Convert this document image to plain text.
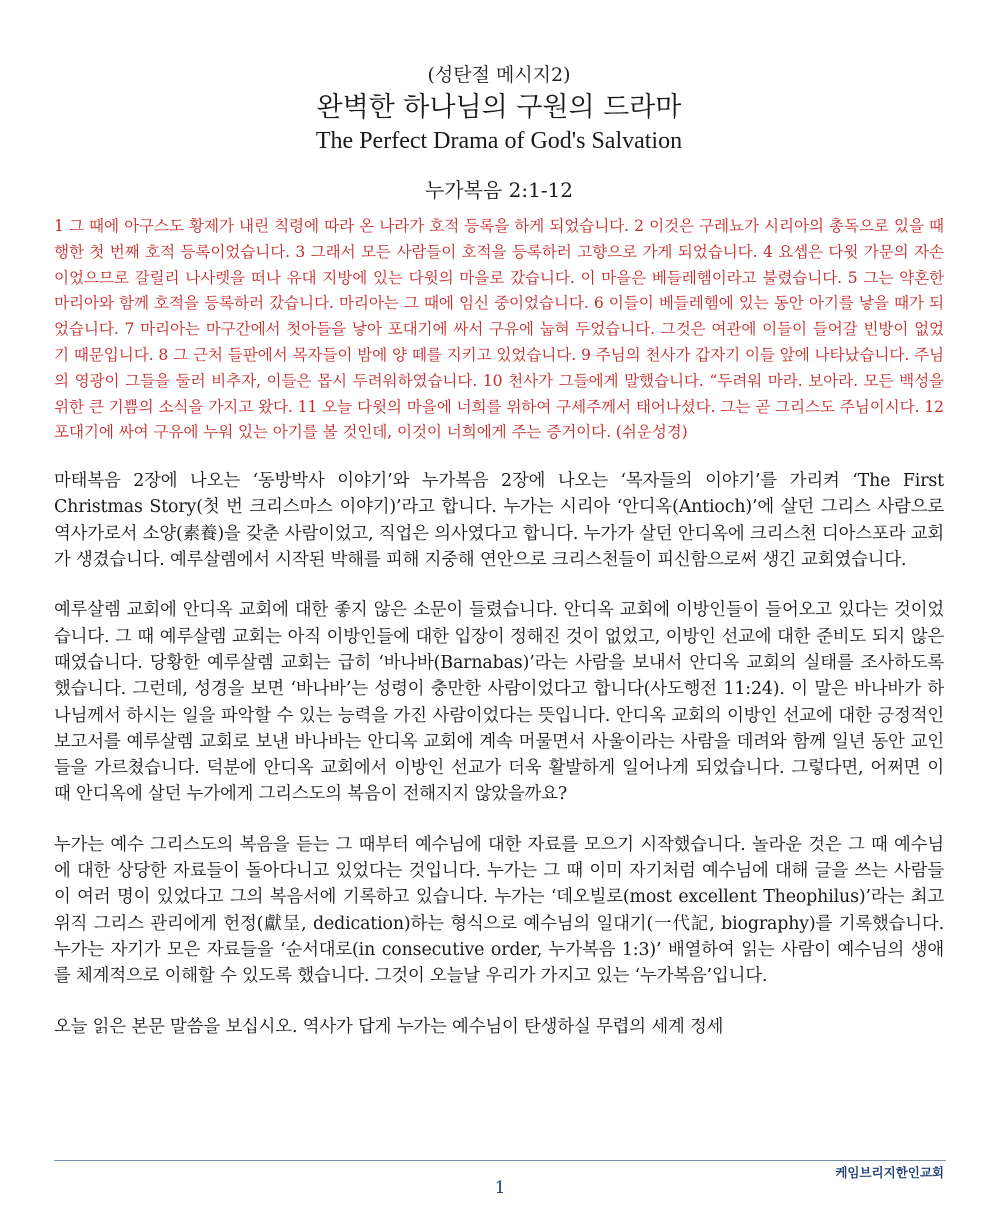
(성탄절 메시지2)
완벽한 하나님의 구원의 드라마
The Perfect Drama of God's Salvation
누가복음 2:1-12
1 그 때에 아구스도 황제가 내린 칙령에 따라 온 나라가 호적 등록을 하게 되었습니다. 2 이것은 구레뇨가 시리아의 총독으로 있을 때 행한 첫 번째 호적 등록이었습니다. 3 그래서 모든 사람들이 호적을 등록하러 고향으로 가게 되었습니다. 4 요셉은 다윗 가문의 자손이었으므로 갈릴리 나사렛을 떠나 유대 지방에 있는 다윗의 마을로 갔습니다. 이 마을은 베들레헴이라고 불렸습니다. 5 그는 약혼한 마리아와 함께 호적을 등록하러 갔습니다. 마리아는 그 때에 임신 중이었습니다. 6 이들이 베들레헴에 있는 동안 아기를 낳을 때가 되었습니다. 7 마리아는 마구간에서 첫아들을 낳아 포대기에 싸서 구유에 눕혀 두었습니다. 그것은 여관에 이들이 들어갈 빈방이 없었기 때문입니다. 8 그 근처 들판에서 목자들이 밤에 양 떼를 지키고 있었습니다. 9 주님의 천사가 갑자기 이들 앞에 나타났습니다. 주님의 영광이 그들을 둘러 비추자, 이들은 몹시 두려워하였습니다. 10 천사가 그들에게 말했습니다. “두려워 마라. 보아라. 모든 백성을 위한 큰 기쁨의 소식을 가지고 왔다. 11 오늘 다윗의 마을에 너희를 위하여 구세주께서 태어나셨다. 그는 곧 그리스도 주님이시다. 12 포대기에 싸여 구유에 누워 있는 아기를 볼 것인데, 이것이 너희에게 주는 증거이다. (쉬운성경)
마태복음 2장에 나오는 ‘동방박사 이야기’와 누가복음 2장에 나오는 ‘목자들의 이야기’를 가리켜 ‘The First Christmas Story(첫 번 크리스마스 이야기)’라고 합니다. 누가는 시리아 ‘안디옥(Antioch)’에 살던 그리스 사람으로 역사가로서 소양(素養)을 갖춘 사람이었고, 직업은 의사였다고 합니다. 누가가 살던 안디옥에 크리스천 디아스포라 교회가 생겼습니다. 예루살렘에서 시작된 박해를 피해 지중해 연안으로 크리스천들이 피신함으로써 생긴 교회였습니다.
예루살렘 교회에 안디옥 교회에 대한 좋지 않은 소문이 들렸습니다. 안디옥 교회에 이방인들이 들어오고 있다는 것이었습니다. 그 때 예루살렘 교회는 아직 이방인들에 대한 입장이 정해진 것이 없었고, 이방인 선교에 대한 준비도 되지 않은 때였습니다. 당황한 예루살렘 교회는 급히 ‘바나바(Barnabas)’라는 사람을 보내서 안디옥 교회의 실태를 조사하도록 했습니다. 그런데, 성경을 보면 ‘바나바’는 성령이 충만한 사람이었다고 합니다(사도행전 11:24). 이 말은 바나바가 하나님께서 하시는 일을 파악할 수 있는 능력을 가진 사람이었다는 뜻입니다. 안디옥 교회의 이방인 선교에 대한 긍정적인 보고서를 예루살렘 교회로 보낸 바나바는 안디옥 교회에 계속 머물면서 사울이라는 사람을 데려와 함께 일년 동안 교인들을 가르쳤습니다. 덕분에 안디옥 교회에서 이방인 선교가 더욱 활발하게 일어나게 되었습니다. 그렇다면, 어쩌면 이 때 안디옥에 살던 누가에게 그리스도의 복음이 전해지지 않았을까요?
누가는 예수 그리스도의 복음을 듣는 그 때부터 예수님에 대한 자료를 모으기 시작했습니다. 놀라운 것은 그 때 예수님에 대한 상당한 자료들이 돌아다니고 있었다는 것입니다. 누가는 그 때 이미 자기처럼 예수님에 대해 글을 쓰는 사람들이 여러 명이 있었다고 그의 복음서에 기록하고 있습니다. 누가는 ‘데오빌로(most excellent Theophilus)’라는 최고위직 그리스 관리에게 헌정(獻呈, dedication)하는 형식으로 예수님의 일대기(一代記, biography)를 기록했습니다. 누가는 자기가 모은 자료들을 ‘순서대로(in consecutive order, 누가복음 1:3)’ 배열하여 읽는 사람이 예수님의 생애를 체계적으로 이해할 수 있도록 했습니다. 그것이 오늘날 우리가 가지고 있는 ‘누가복음’입니다.
오늘 읽은 본문 말씀을 보십시오. 역사가 답게 누가는 예수님이 탄생하실 무렵의 세계 정세
케임브리지한인교회
1
